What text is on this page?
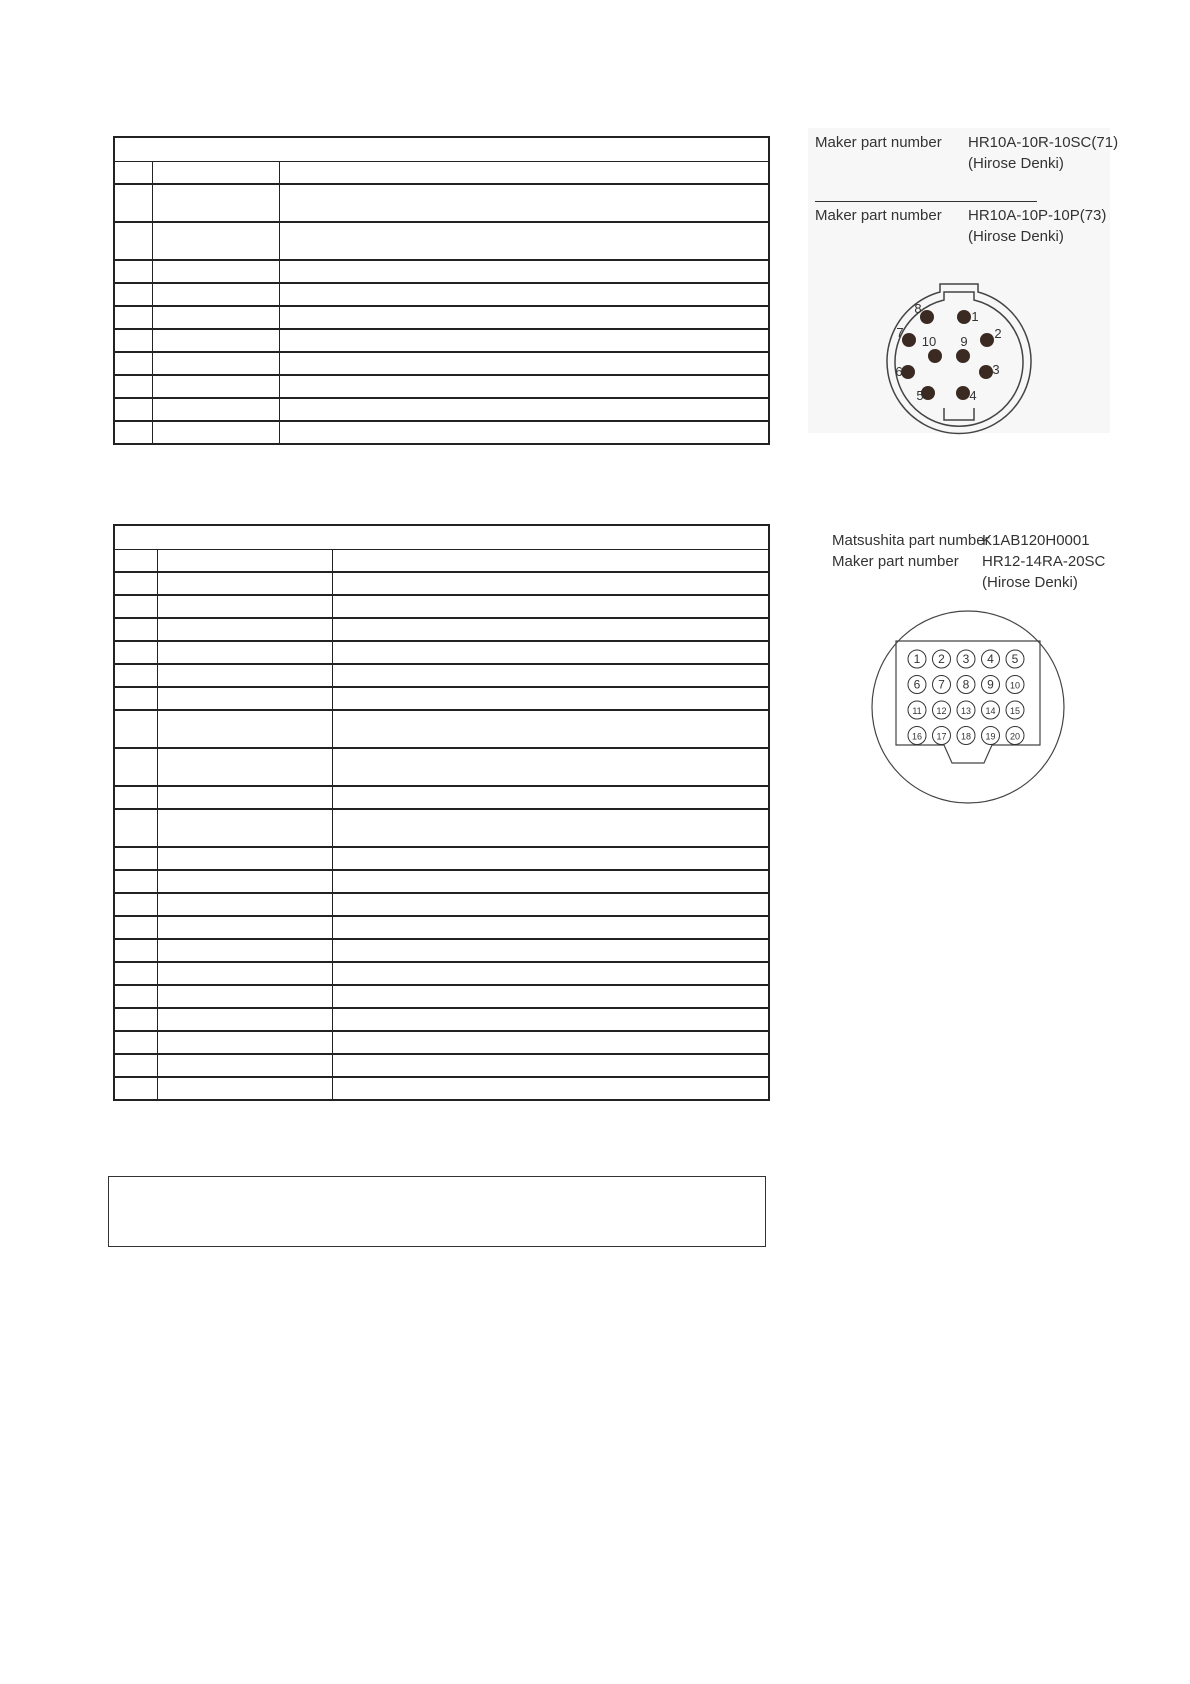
Maker part number HR10A-10R-10SC(71)
(Hirose Denki)
Maker part number HR10A-10P-10P(73)
(Hirose Denki)
8
1
7
10 9
2
6	3
5	4
Matsushita part number
K1AB120H0001
Maker part number HR12-14RA-20SC
(Hirose Denki)
1 2 3 4 5
6 7 8 9 10
11 12 13 14 15
16 17 18 19 20
